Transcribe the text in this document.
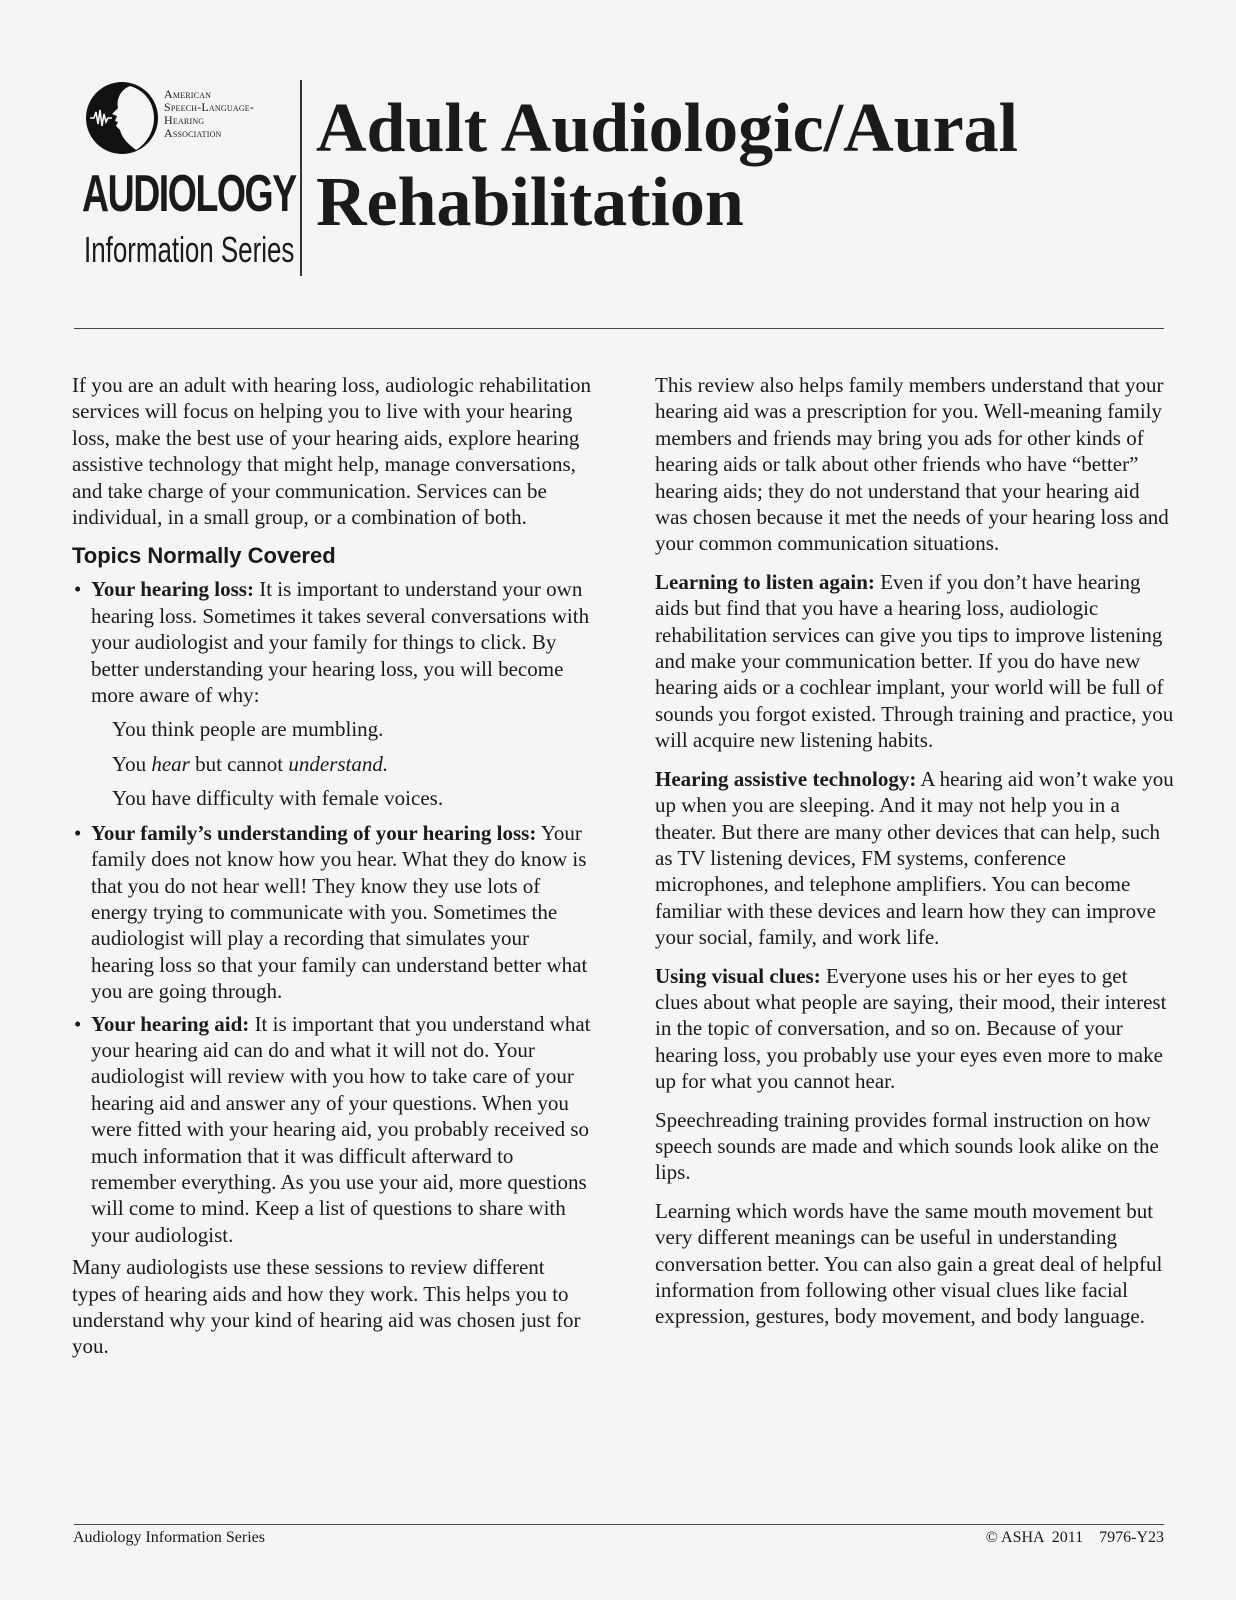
American
Speech-Language-
Hearing
Association
AUDIOLOGY
Information Series
Adult Audiologic/Aural
Rehabilitation

If you are an adult with hearing loss, audiologic rehabilitation services will focus on helping you to live with your hearing loss, make the best use of your hearing aids, explore hearing assistive technology that might help, manage conversations, and take charge of your communication. Services can be individual, in a small group, or a combination of both.

Topics Normally Covered
• Your hearing loss: It is important to understand your own hearing loss. Sometimes it takes several conversations with your audiologist and your family for things to click. By better understanding your hearing loss, you will become more aware of why:
You think people are mumbling.
You hear but cannot understand.
You have difficulty with female voices.
• Your family’s understanding of your hearing loss: Your family does not know how you hear. What they do know is that you do not hear well! They know they use lots of energy trying to communicate with you. Sometimes the audiologist will play a recording that simulates your hearing loss so that your family can understand better what you are going through.
• Your hearing aid: It is important that you understand what your hearing aid can do and what it will not do. Your audiologist will review with you how to take care of your hearing aid and answer any of your questions. When you were fitted with your hearing aid, you probably received so much information that it was difficult afterward to remember everything. As you use your aid, more questions will come to mind. Keep a list of questions to share with your audiologist.

Many audiologists use these sessions to review different types of hearing aids and how they work. This helps you to understand why your kind of hearing aid was chosen just for you.

This review also helps family members understand that your hearing aid was a prescription for you. Well-meaning family members and friends may bring you ads for other kinds of hearing aids or talk about other friends who have “better” hearing aids; they do not understand that your hearing aid was chosen because it met the needs of your hearing loss and your common communication situations.

Learning to listen again: Even if you don’t have hearing aids but find that you have a hearing loss, audiologic rehabilitation services can give you tips to improve listening and make your communication better. If you do have new hearing aids or a cochlear implant, your world will be full of sounds you forgot existed. Through training and practice, you will acquire new listening habits.

Hearing assistive technology: A hearing aid won’t wake you up when you are sleeping. And it may not help you in a theater. But there are many other devices that can help, such as TV listening devices, FM systems, conference microphones, and telephone amplifiers. You can become familiar with these devices and learn how they can improve your social, family, and work life.

Using visual clues: Everyone uses his or her eyes to get clues about what people are saying, their mood, their interest in the topic of conversation, and so on. Because of your hearing loss, you probably use your eyes even more to make up for what you cannot hear.

Speechreading training provides formal instruction on how speech sounds are made and which sounds look alike on the lips.

Learning which words have the same mouth movement but very different meanings can be useful in understanding conversation better. You can also gain a great deal of helpful information from following other visual clues like facial expression, gestures, body movement, and body language.

Audiology Information Series	© ASHA  2011 7976-Y23
